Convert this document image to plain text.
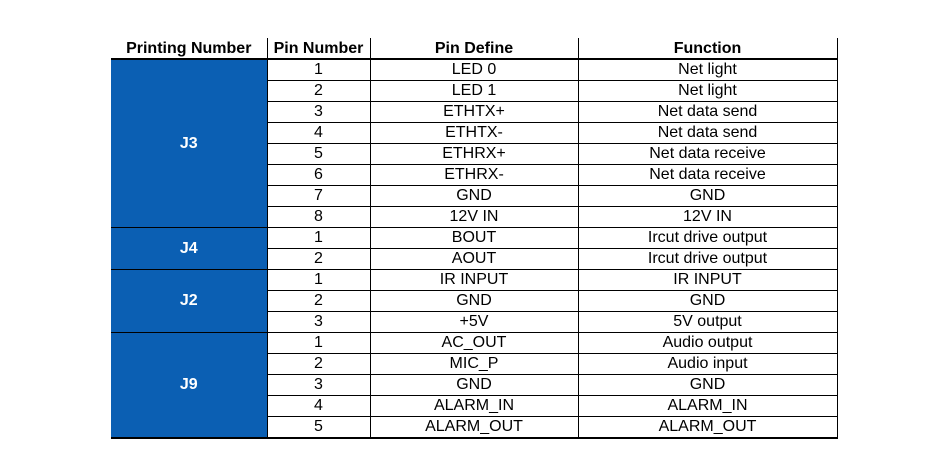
Printing Number	Pin Number	Pin Define	Function
J3	1	LED 0	Net light
	2	LED 1	Net light
	3	ETHTX+	Net data send
	4	ETHTX-	Net data send
	5	ETHRX+	Net data receive
	6	ETHRX-	Net data receive
	7	GND	GND
	8	12V IN	12V IN
J4	1	BOUT	Ircut drive output
	2	AOUT	Ircut drive output
J2	1	IR INPUT	IR INPUT
	2	GND	GND
	3	+5V	5V output
J9	1	AC_OUT	Audio output
	2	MIC_P	Audio input
	3	GND	GND
	4	ALARM_IN	ALARM_IN
	5	ALARM_OUT	ALARM_OUT
